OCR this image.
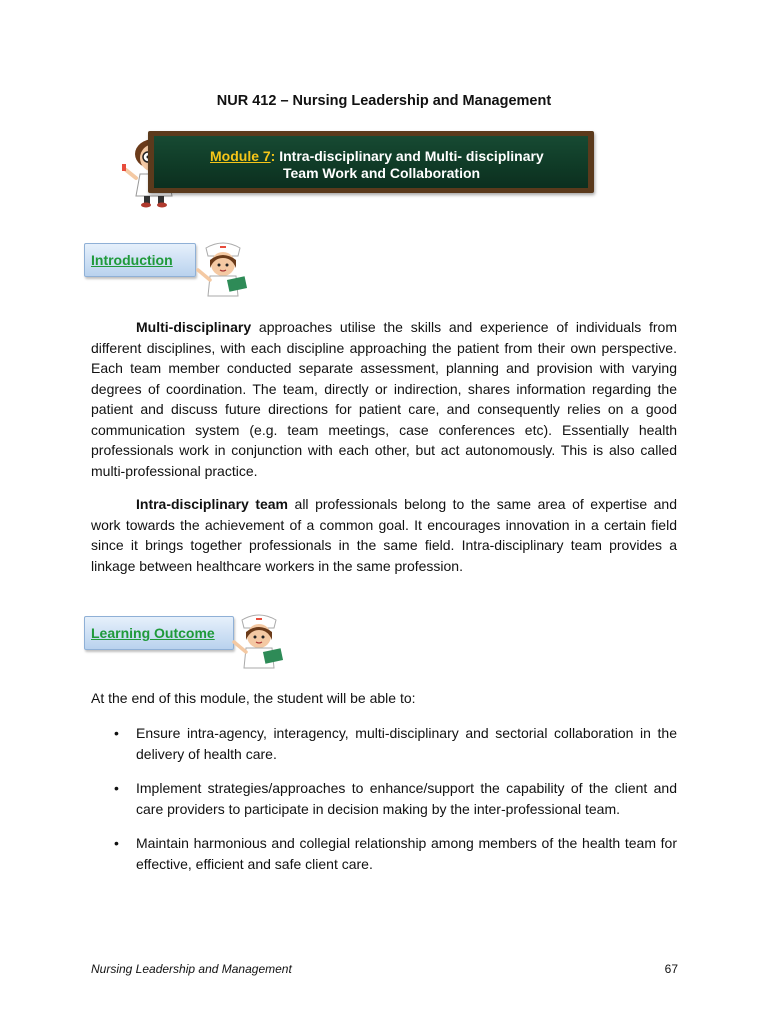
NUR 412 – Nursing Leadership and Management
Module 7: Intra-disciplinary and Multi- disciplinary
Team Work and Collaboration
Introduction
Multi-disciplinary approaches utilise the skills and experience of individuals from different disciplines, with each discipline approaching the patient from their own perspective. Each team member conducted separate assessment, planning and provision with varying degrees of coordination. The team, directly or indirection, shares information regarding the patient and discuss future directions for patient care, and consequently relies on a good communication system (e.g. team meetings, case conferences etc). Essentially health professionals work in conjunction with each other, but act autonomously. This is also called multi-professional practice.
Intra-disciplinary team all professionals belong to the same area of expertise and work towards the achievement of a common goal. It encourages innovation in a certain field since it brings together professionals in the same field. Intra-disciplinary team provides a linkage between healthcare workers in the same profession.
Learning Outcome
At the end of this module, the student will be able to:
• Ensure intra-agency, interagency, multi-disciplinary and sectorial collaboration in the delivery of health care.
• Implement strategies/approaches to enhance/support the capability of the client and care providers to participate in decision making by the inter-professional team.
• Maintain harmonious and collegial relationship among members of the health team for effective, efficient and safe client care.
Nursing Leadership and Management	67
